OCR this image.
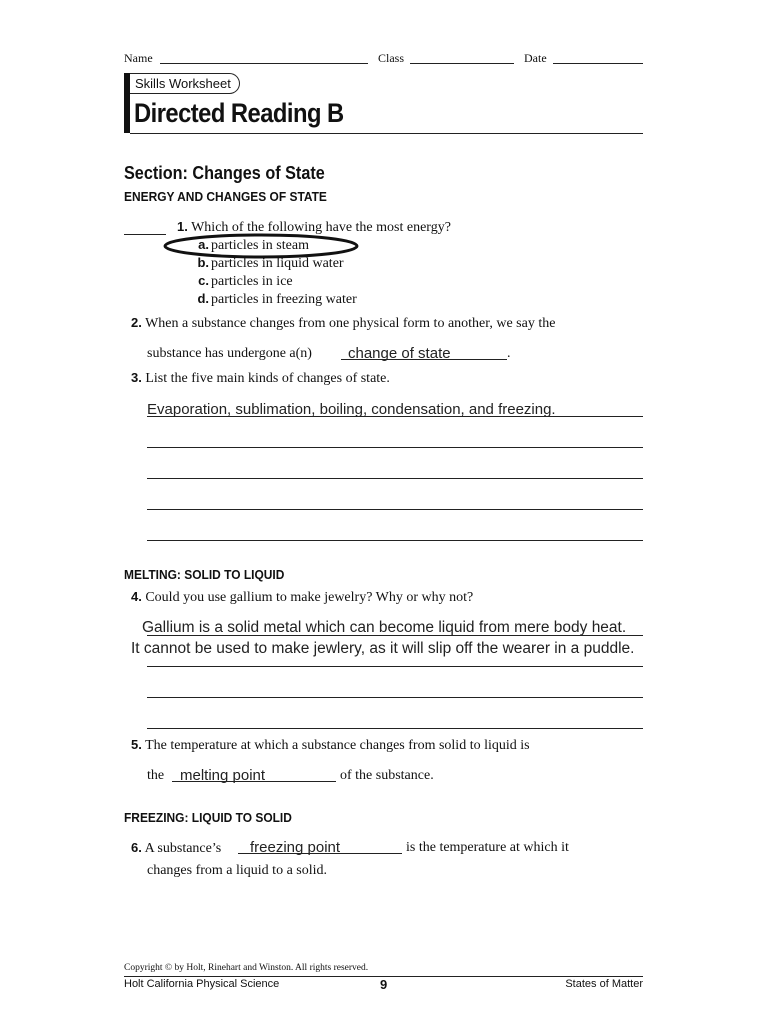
Name	Class	Date
Skills Worksheet
Directed Reading B
Section: Changes of State
ENERGY AND CHANGES OF STATE
1. Which of the following have the most energy?
a. particles in steam
b. particles in liquid water
c. particles in ice
d. particles in freezing water
2. When a substance changes from one physical form to another, we say the
substance has undergone a(n) change of state	.
3. List the five main kinds of changes of state.
Evaporation, sublimation, boiling, condensation, and freezing.
MELTING: SOLID TO LIQUID
4. Could you use gallium to make jewelry? Why or why not?
Gallium is a solid metal which can become liquid from mere body heat.
It cannot be used to make jewlery, as it will slip off the wearer in a puddle.
5. The temperature at which a substance changes from solid to liquid is
the melting point	of the substance.
FREEZING: LIQUID TO SOLID
6. A substance’s freezing point	is the temperature at which it
changes from a liquid to a solid.
Copyright © by Holt, Rinehart and Winston. All rights reserved.
Holt California Physical Science	9	States of Matter
